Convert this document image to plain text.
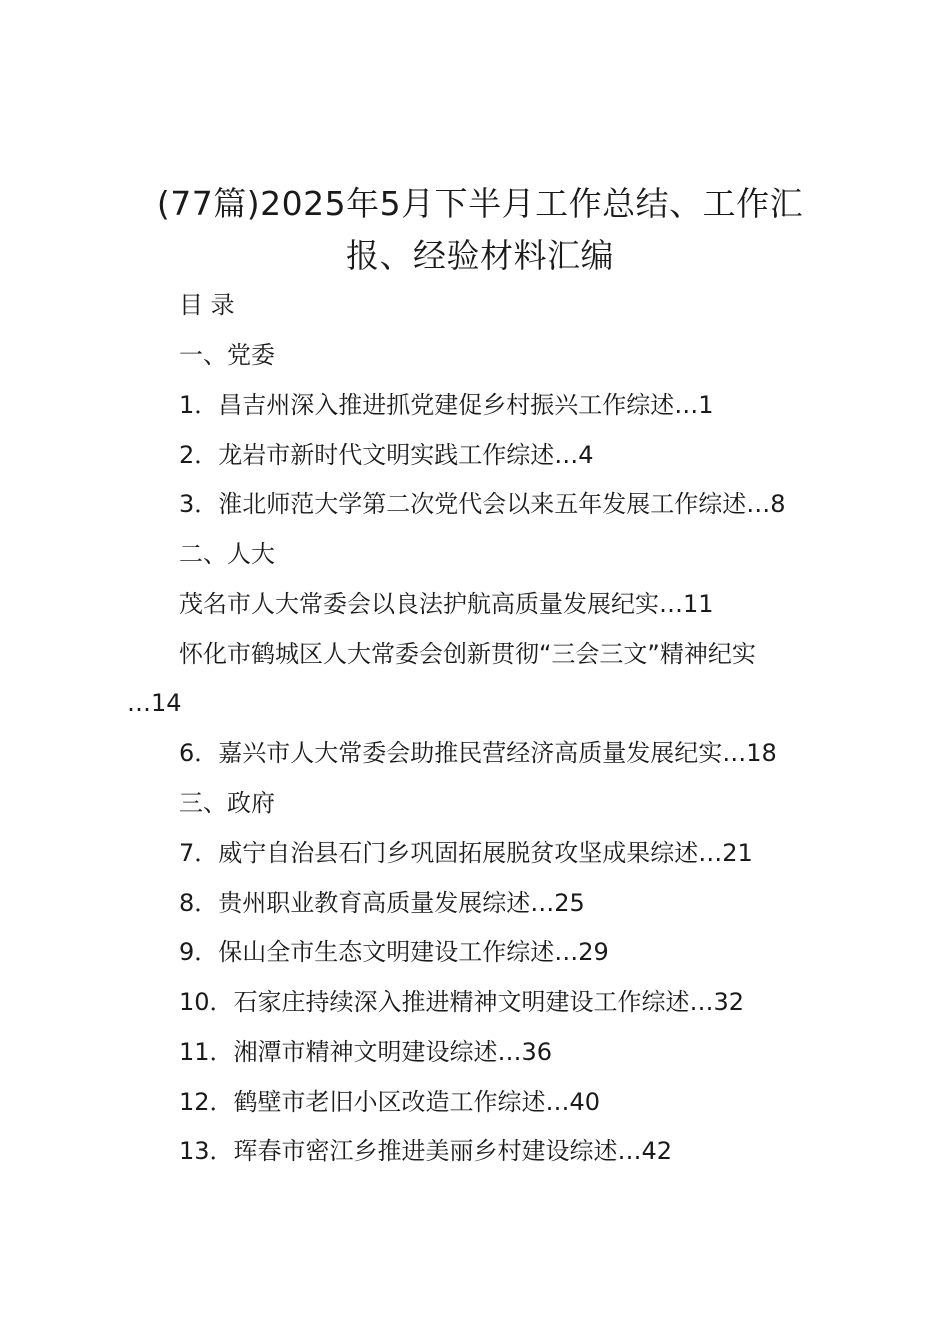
(77篇)2025年5月下半月工作总结、工作汇
报、经验材料汇编

目 录

一、党委

1．昌吉州深入推进抓党建促乡村振兴工作综述…1

2．龙岩市新时代文明实践工作综述…4

3．淮北师范大学第二次党代会以来五年发展工作综述…8

二、人大

茂名市人大常委会以良法护航高质量发展纪实…11

怀化市鹤城区人大常委会创新贯彻“三会三文”精神纪实

…14

6．嘉兴市人大常委会助推民营经济高质量发展纪实…18

三、政府

7．威宁自治县石门乡巩固拓展脱贫攻坚成果综述…21

8．贵州职业教育高质量发展综述…25

9．保山全市生态文明建设工作综述…29

10．石家庄持续深入推进精神文明建设工作综述…32

11．湘潭市精神文明建设综述…36

12．鹤壁市老旧小区改造工作综述…40

13．珲春市密江乡推进美丽乡村建设综述…42
